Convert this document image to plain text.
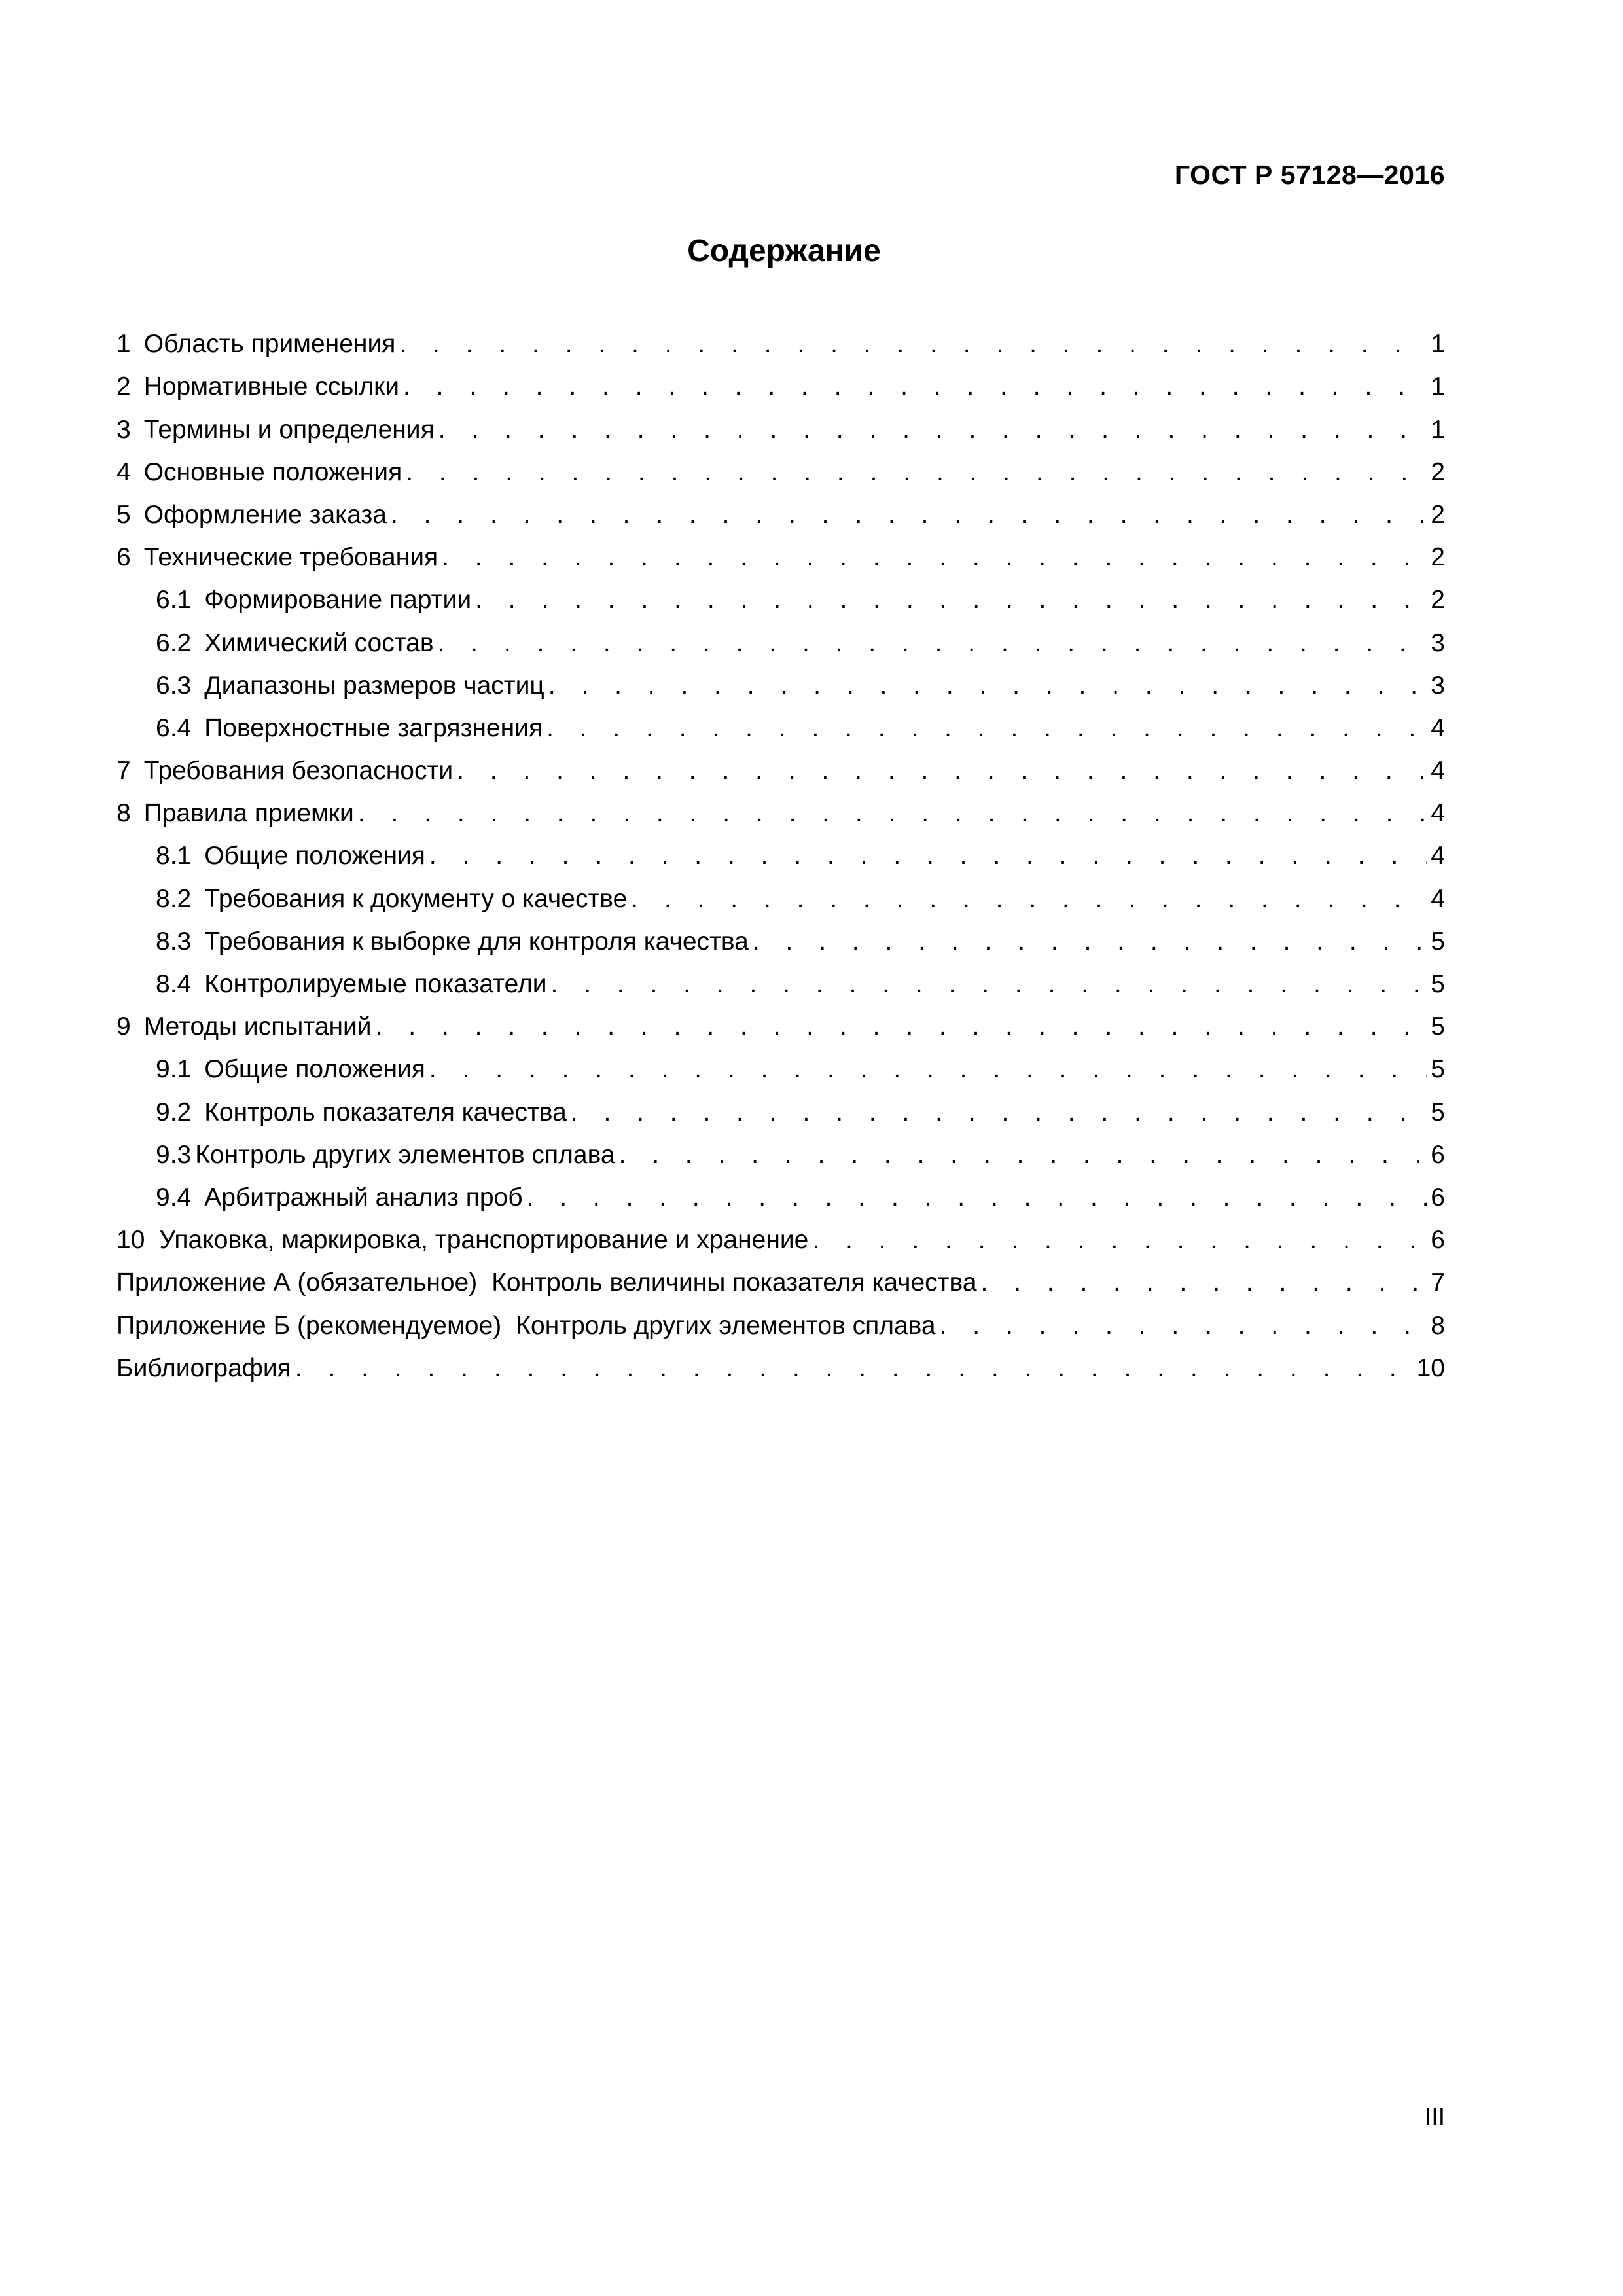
ГОСТ Р 57128—2016
Содержание
1 Область применения . . .	1
2 Нормативные ссылки . . .	1
3 Термины и определения . . .	1
4 Основные положения . . .	2
5 Оформление заказа . . .	2
6 Технические требования . . .	2
6.1 Формирование партии . . .	2
6.2 Химический состав . . .	3
6.3 Диапазоны размеров частиц . . .	3
6.4 Поверхностные загрязнения . . .	4
7 Требования безопасности . . .	4
8 Правила приемки . . .	4
8.1 Общие положения . . .	4
8.2 Требования к документу о качестве . . .	4
8.3 Требования к выборке для контроля качества . . .	5
8.4 Контролируемые показатели . . .	5
9 Методы испытаний . . .	5
9.1 Общие положения . . .	5
9.2 Контроль показателя качества . . .	5
9.3 Контроль других элементов сплава . . .	6
9.4 Арбитражный анализ проб . . .	6
10 Упаковка, маркировка, транспортирование и хранение . . .	6
Приложение А (обязательное) Контроль величины показателя качества . . .	7
Приложение Б (рекомендуемое) Контроль других элементов сплава . . .	8
Библиография . . .	10
III
